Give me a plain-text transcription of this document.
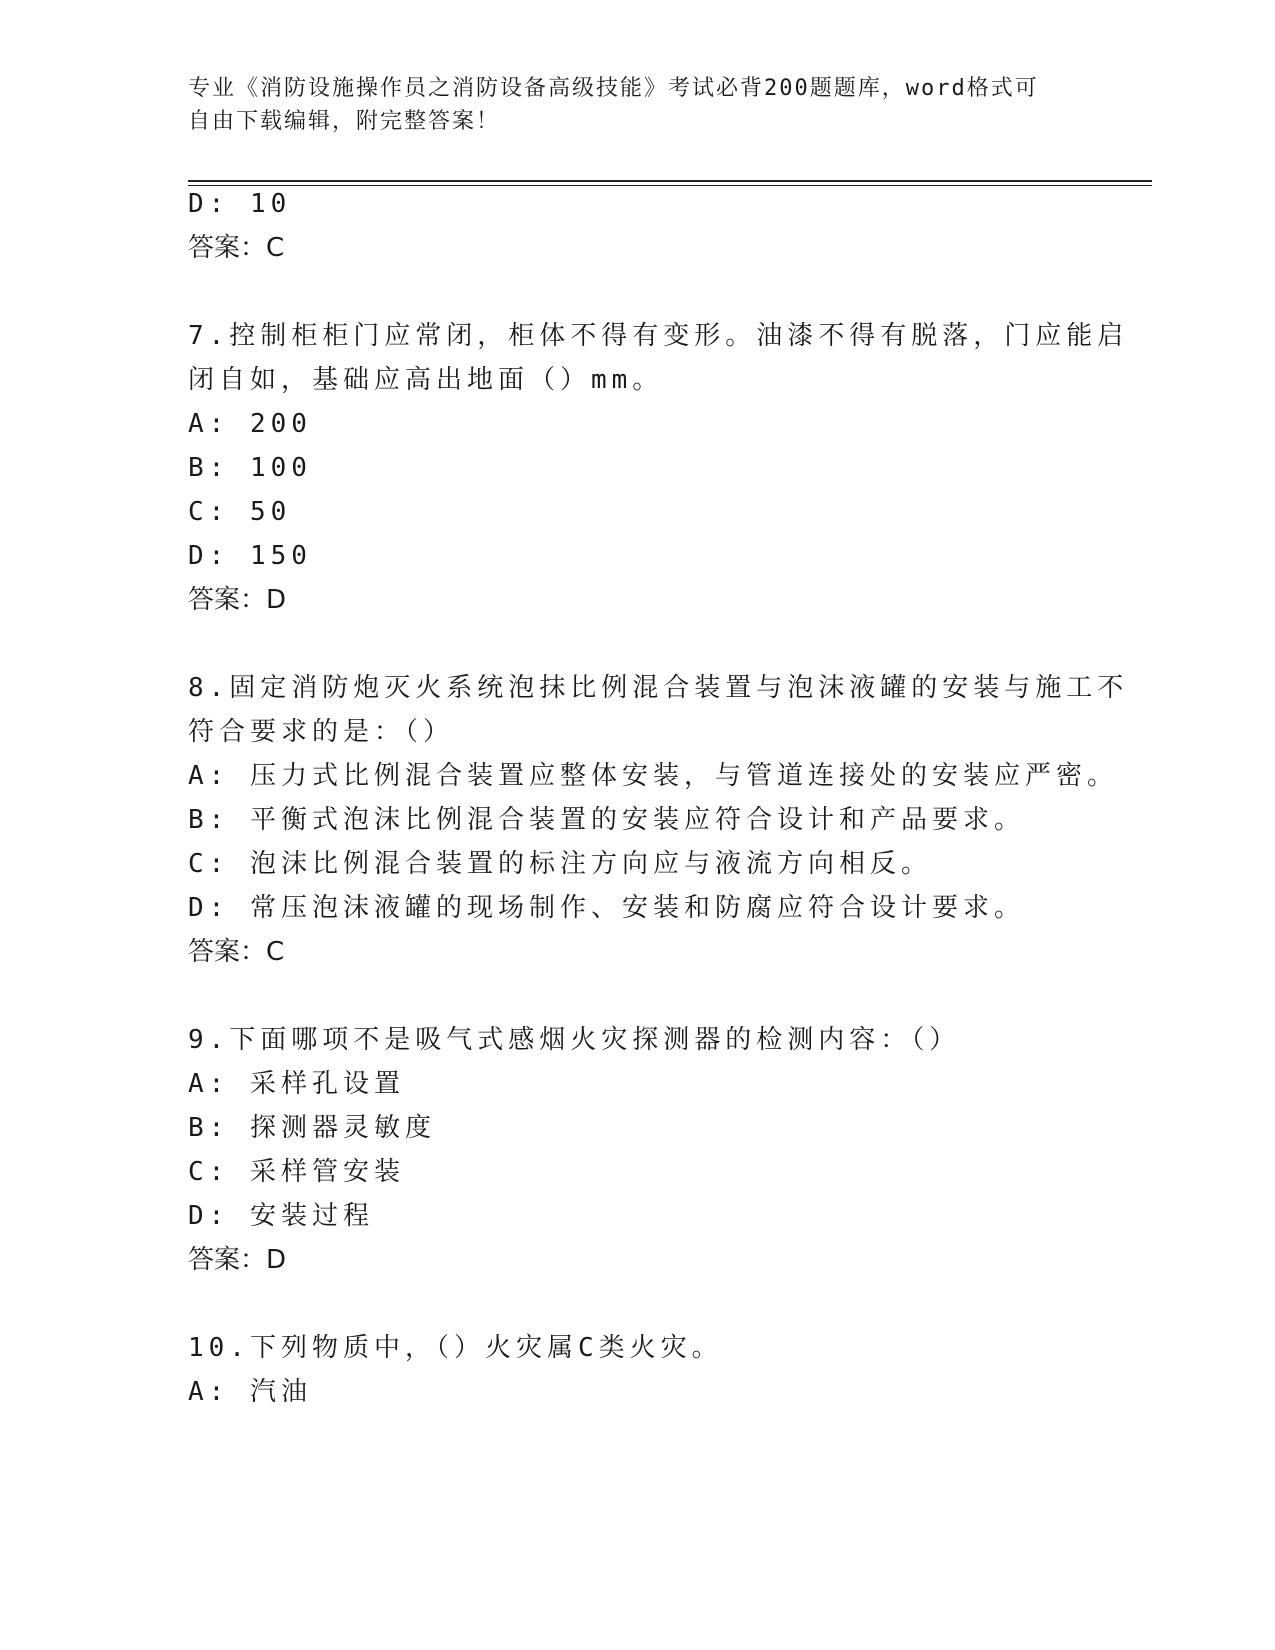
专业《消防设施操作员之消防设备高级技能》考试必背200题题库，word格式可
自由下载编辑，附完整答案！
D: 10
答案：C
7.控制柜柜门应常闭，柜体不得有变形。油漆不得有脱落，门应能启
闭自如，基础应高出地面（）mm。
A: 200
B: 100
C: 50
D: 150
答案：D
8.固定消防炮灭火系统泡抹比例混合装置与泡沫液罐的安装与施工不
符合要求的是：（）
A: 压力式比例混合装置应整体安装，与管道连接处的安装应严密。
B: 平衡式泡沫比例混合装置的安装应符合设计和产品要求。
C: 泡沫比例混合装置的标注方向应与液流方向相反。
D: 常压泡沫液罐的现场制作、安装和防腐应符合设计要求。
答案：C
9.下面哪项不是吸气式感烟火灾探测器的检测内容：（）
A: 采样孔设置
B: 探测器灵敏度
C: 采样管安装
D: 安装过程
答案：D
10.下列物质中，（）火灾属C类火灾。
A: 汽油
